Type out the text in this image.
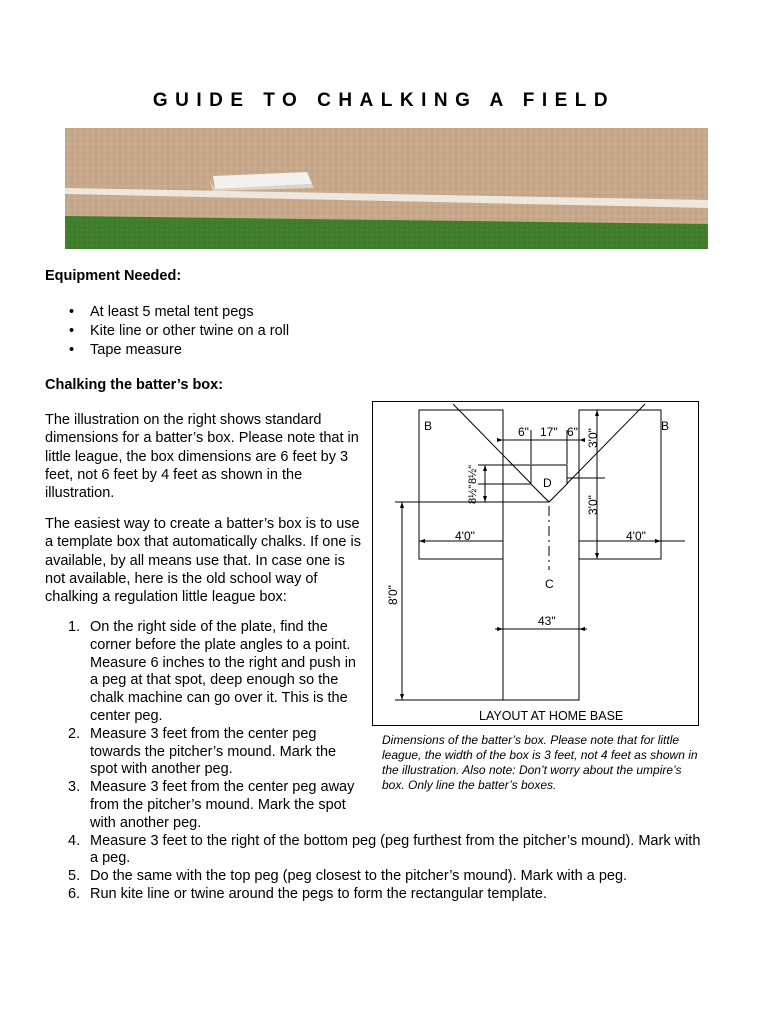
GUIDE TO CHALKING A FIELD
Equipment Needed:
• At least 5 metal tent pegs
• Kite line or other twine on a roll
• Tape measure
Chalking the batter’s box:

The illustration on the right shows standard dimensions for a batter’s box. Please note that in little league, the box dimensions are 6 feet by 3 feet, not 6 feet by 4 feet as shown in the illustration.

The easiest way to create a batter’s box is to use a template box that automatically chalks. If one is available, by all means use that. In case one is not available, here is the old school way of chalking a regulation little league box:

1. On the right side of the plate, find the corner before the plate angles to a point. Measure 6 inches to the right and push in a peg at that spot, deep enough so the chalk machine can go over it. This is the center peg.
2. Measure 3 feet from the center peg towards the pitcher’s mound. Mark the spot with another peg.
3. Measure 3 feet from the center peg away from the pitcher’s mound. Mark the spot with another peg.
4. Measure 3 feet to the right of the bottom peg (peg furthest from the pitcher’s mound). Mark with a peg.
5. Do the same with the top peg (peg closest to the pitcher’s mound). Mark with a peg.
6. Run kite line or twine around the pegs to form the rectangular template.
B	B
D
C
6" 17" 6"
4'0"	4'0"
43"
LAYOUT AT HOME BASE
3'0"
3'0"
8½"
8½"
8'0"
Dimensions of the batter’s box. Please note that for little league, the width of the box is 3 feet, not 4 feet as shown in the illustration. Also note: Don’t worry about the umpire’s box. Only line the batter’s boxes.
